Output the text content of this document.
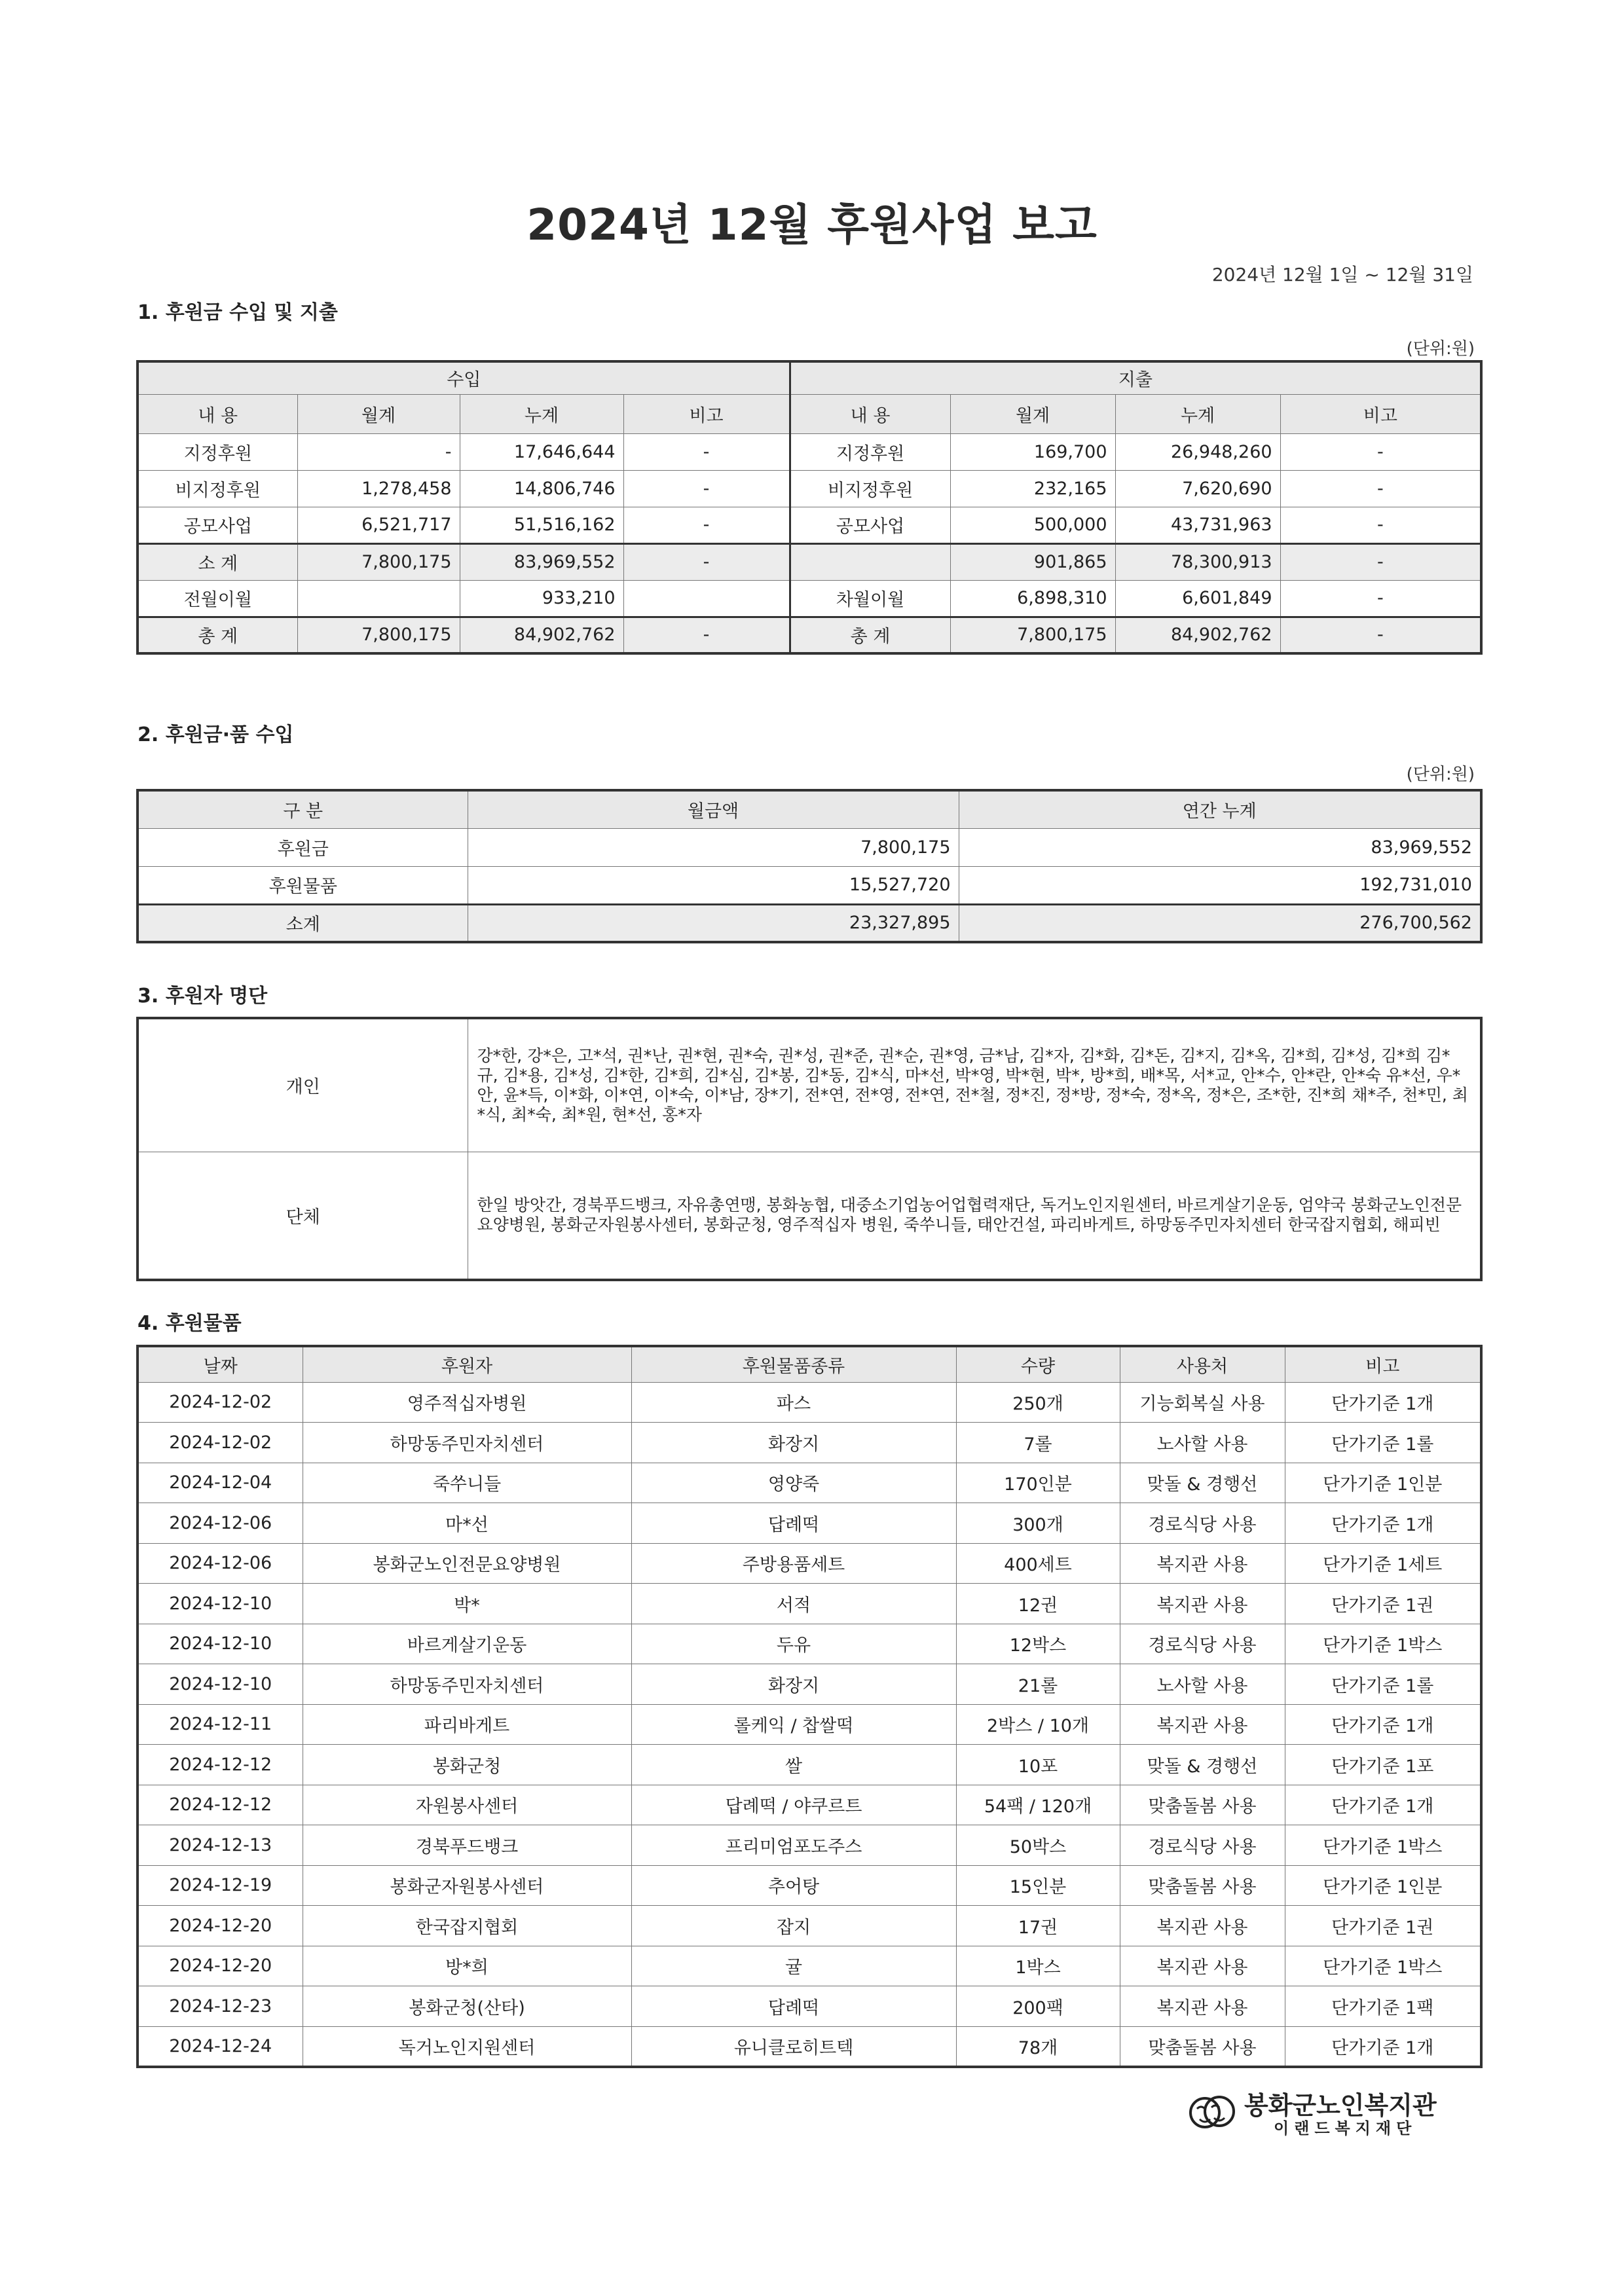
2024년 12월 후원사업 보고
2024년 12월 1일 ~ 12월 31일
1. 후원금 수입 및 지출
(단위:원)
수입				지출			
내 용	월계	누계	비고	내 용	월계	누계	비고
지정후원	-	17,646,644	-	지정후원	169,700	26,948,260	-
비지정후원	1,278,458	14,806,746	-	비지정후원	232,165	7,620,690	-
공모사업	6,521,717	51,516,162	-	공모사업	500,000	43,731,963	-
소 계	7,800,175	83,969,552	-		901,865	78,300,913	-
전월이월		933,210		차월이월	6,898,310	6,601,849	-
총 계	7,800,175	84,902,762	-	총 계	7,800,175	84,902,762	-
2. 후원금·품 수입
(단위:원)
구 분	월금액	연간 누계
후원금	7,800,175	83,969,552
후원물품	15,527,720	192,731,010
소계	23,327,895	276,700,562
3. 후원자 명단
개인	강*한, 강*은, 고*석, 권*난, 권*현, 권*숙, 권*성, 권*준, 권*순, 권*영, 금*남, 김*자, 김*화, 김*돈, 김*지, 김*옥, 김*희, 김*성, 김*희 김*규, 김*용, 김*성, 김*한, 김*희, 김*심, 김*봉, 김*동, 김*식, 마*선, 박*영, 박*현, 박*, 방*희, 배*목, 서*교, 안*수, 안*란, 안*숙 유*선, 우*안, 윤*득, 이*화, 이*연, 이*숙, 이*남, 장*기, 전*연, 전*영, 전*연, 전*철, 정*진, 정*방, 정*숙, 정*옥, 정*은, 조*한, 진*희 채*주, 천*민, 최*식, 최*숙, 최*원, 현*선, 홍*자
단체	한일 방앗간, 경북푸드뱅크, 자유총연맹, 봉화농협, 대중소기업농어업협력재단, 독거노인지원센터, 바르게살기운동, 엄약국 봉화군노인전문요양병원, 봉화군자원봉사센터, 봉화군청, 영주적십자 병원, 죽쑤니들, 태안건설, 파리바게트, 하망동주민자치센터 한국잡지협회, 해피빈
4. 후원물품
날짜	후원자	후원물품종류	수량	사용처	비고
2024-12-02	영주적십자병원	파스	250개	기능회복실 사용	단가기준 1개
2024-12-02	하망동주민자치센터	화장지	7롤	노사할 사용	단가기준 1롤
2024-12-04	죽쑤니들	영양죽	170인분	맞돌 & 경행선	단가기준 1인분
2024-12-06	마*선	답례떡	300개	경로식당 사용	단가기준 1개
2024-12-06	봉화군노인전문요양병원	주방용품세트	400세트	복지관 사용	단가기준 1세트
2024-12-10	박*	서적	12권	복지관 사용	단가기준 1권
2024-12-10	바르게살기운동	두유	12박스	경로식당 사용	단가기준 1박스
2024-12-10	하망동주민자치센터	화장지	21롤	노사할 사용	단가기준 1롤
2024-12-11	파리바게트	롤케익 / 찹쌀떡	2박스 / 10개	복지관 사용	단가기준 1개
2024-12-12	봉화군청	쌀	10포	맞돌 & 경행선	단가기준 1포
2024-12-12	자원봉사센터	답례떡 / 야쿠르트	54팩 / 120개	맞춤돌봄 사용	단가기준 1개
2024-12-13	경북푸드뱅크	프리미엄포도주스	50박스	경로식당 사용	단가기준 1박스
2024-12-19	봉화군자원봉사센터	추어탕	15인분	맞춤돌봄 사용	단가기준 1인분
2024-12-20	한국잡지협회	잡지	17권	복지관 사용	단가기준 1권
2024-12-20	방*희	귤	1박스	복지관 사용	단가기준 1박스
2024-12-23	봉화군청(산타)	답례떡	200팩	복지관 사용	단가기준 1팩
2024-12-24	독거노인지원센터	유니클로히트텍	78개	맞춤돌봄 사용	단가기준 1개
봉화군노인복지관
이랜드복지재단
